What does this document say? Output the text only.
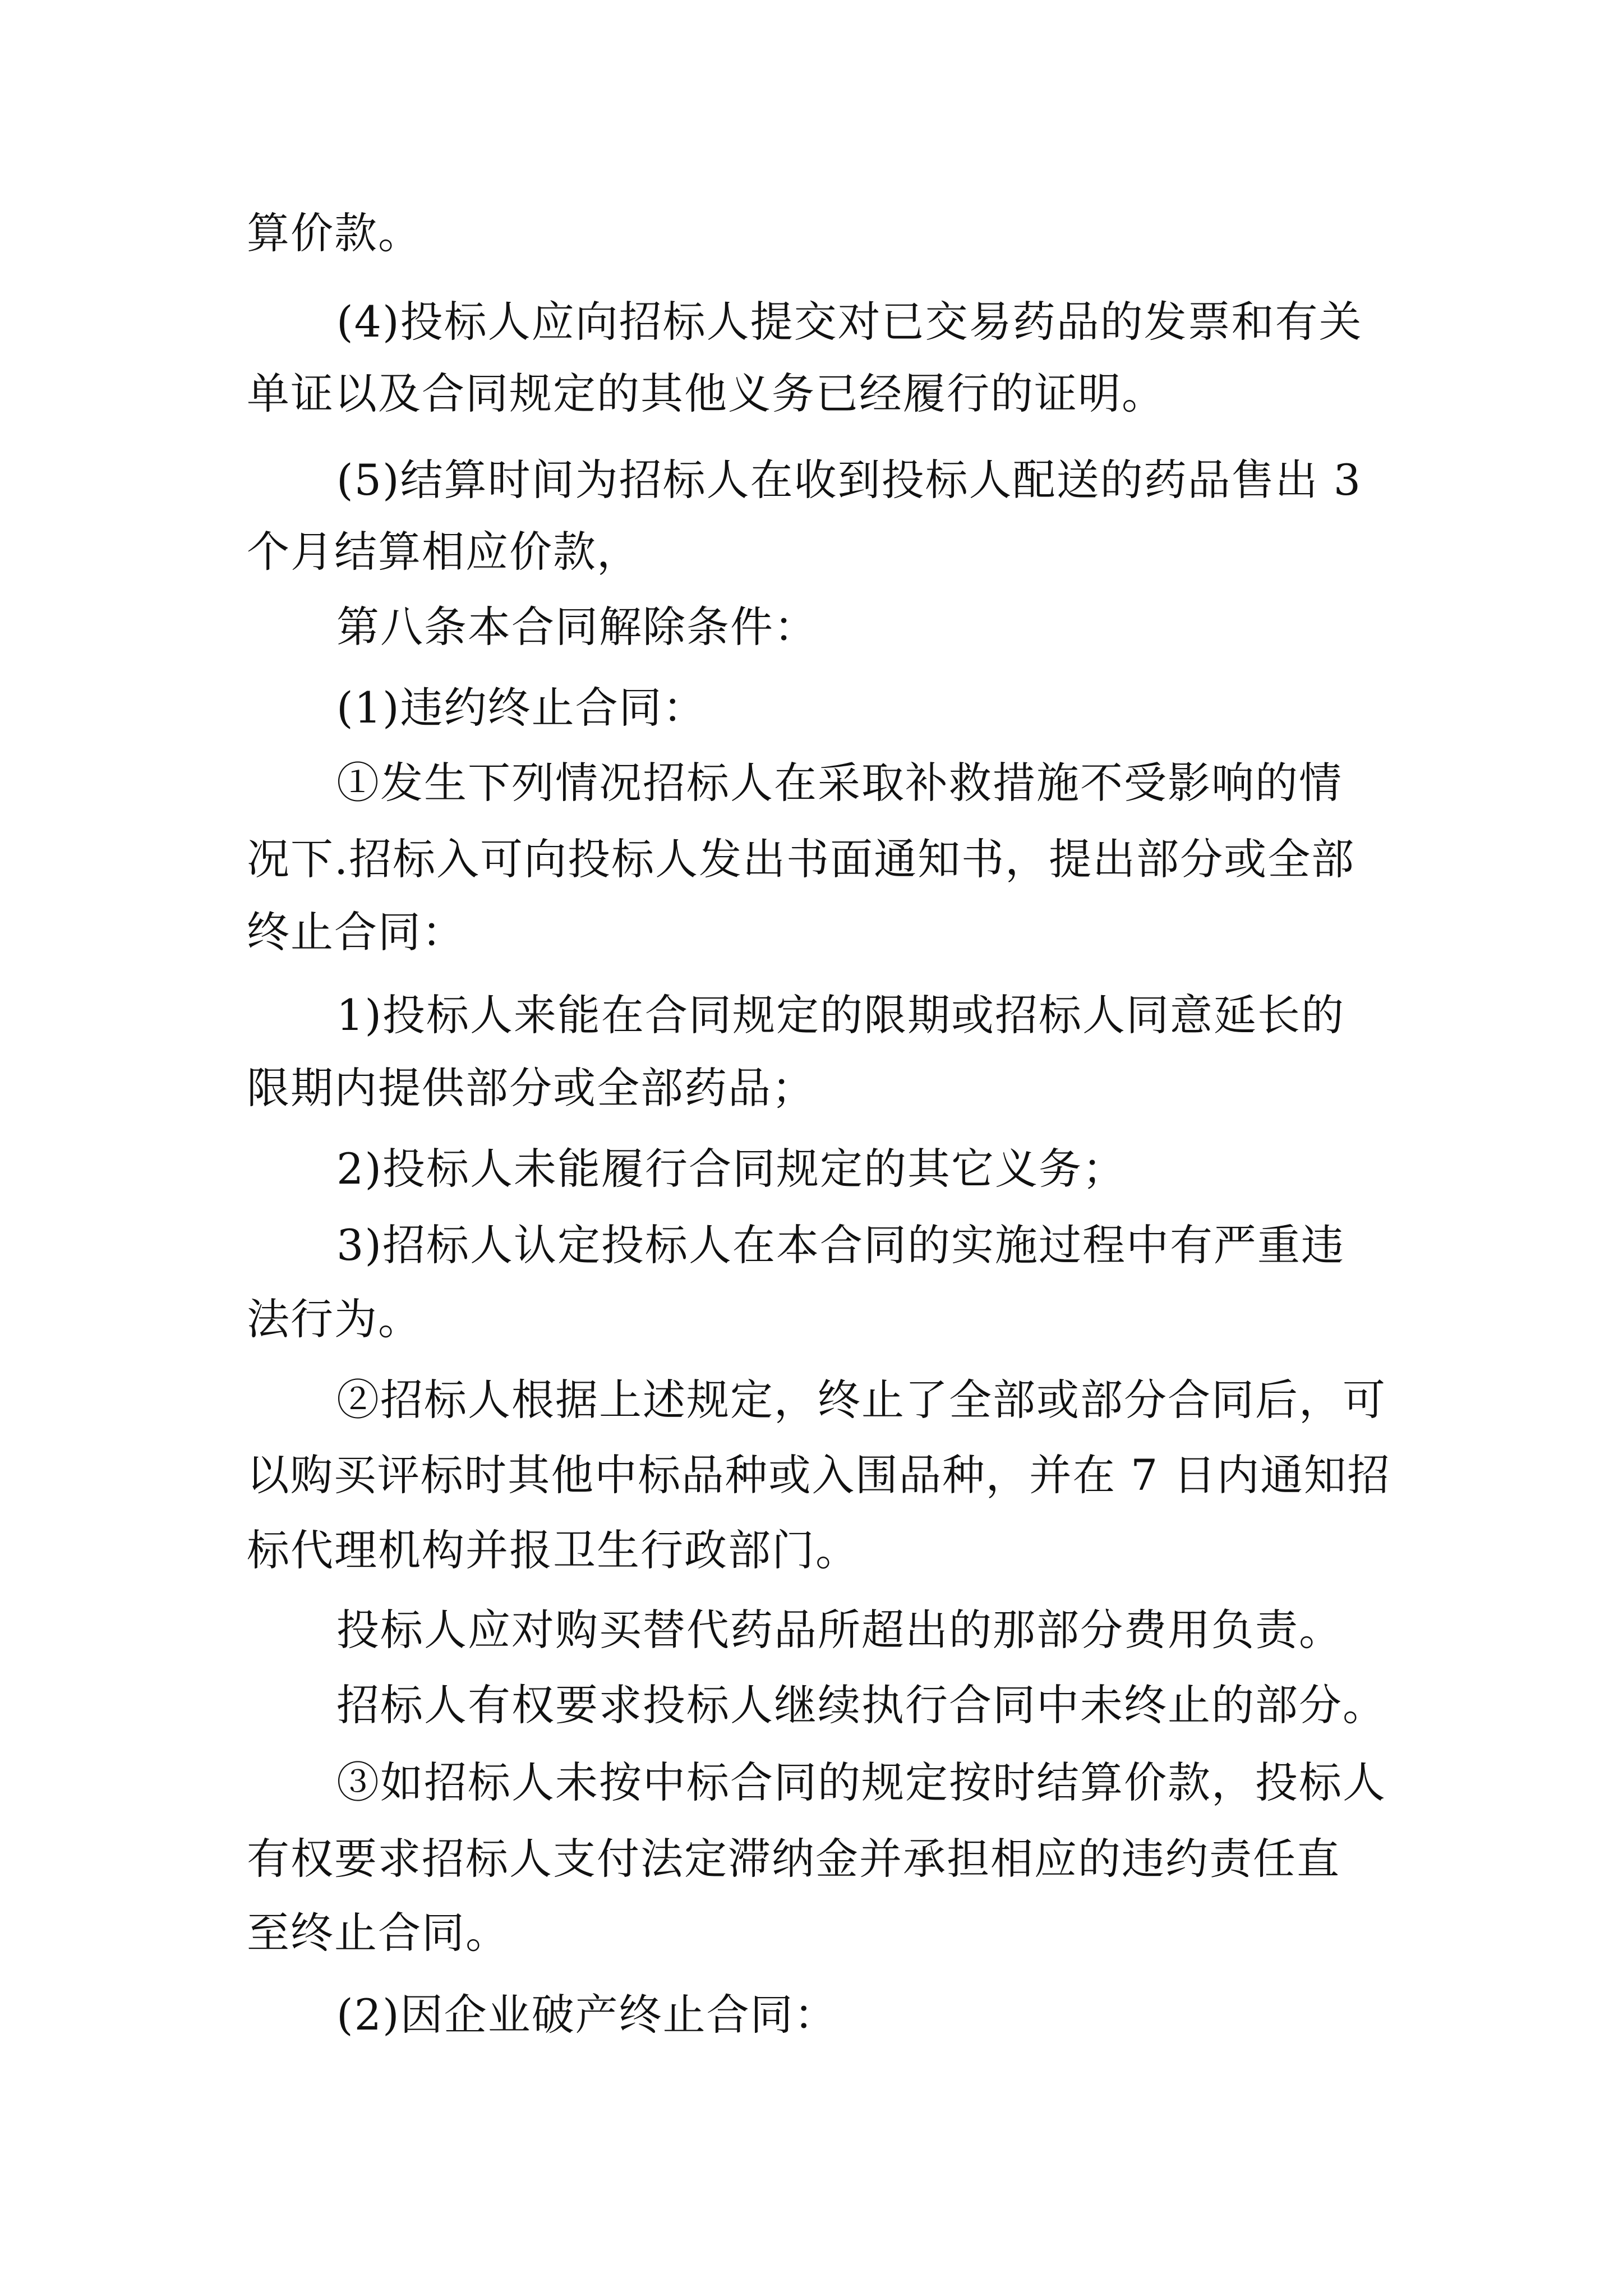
算价款。
(4)投标人应向招标人提交对已交易药品的发票和有关
单证以及合同规定的其他义务已经履行的证明。
(5)结算时间为招标人在收到投标人配送的药品售出 3
个月结算相应价款，
第八条本合同解除条件：
(1)违约终止合同：
①发生下列情况招标人在采取补救措施不受影响的情
况下.招标入可向投标人发出书面通知书，提出部分或全部
终止合同：
1)投标人来能在合同规定的限期或招标人同意延长的
限期内提供部分或全部药品；
2)投标人未能履行合同规定的其它义务；
3)招标人认定投标人在本合同的实施过程中有严重违
法行为。
②招标人根据上述规定，终止了全部或部分合同后，可
以购买评标时其他中标品种或入围品种，并在 7 日内通知招
标代理机构并报卫生行政部门。
投标人应对购买替代药品所超出的那部分费用负责。
招标人有权要求投标人继续执行合同中未终止的部分。
③如招标人未按中标合同的规定按时结算价款，投标人
有权要求招标人支付法定滞纳金并承担相应的违约责任直
至终止合同。
(2)因企业破产终止合同：
